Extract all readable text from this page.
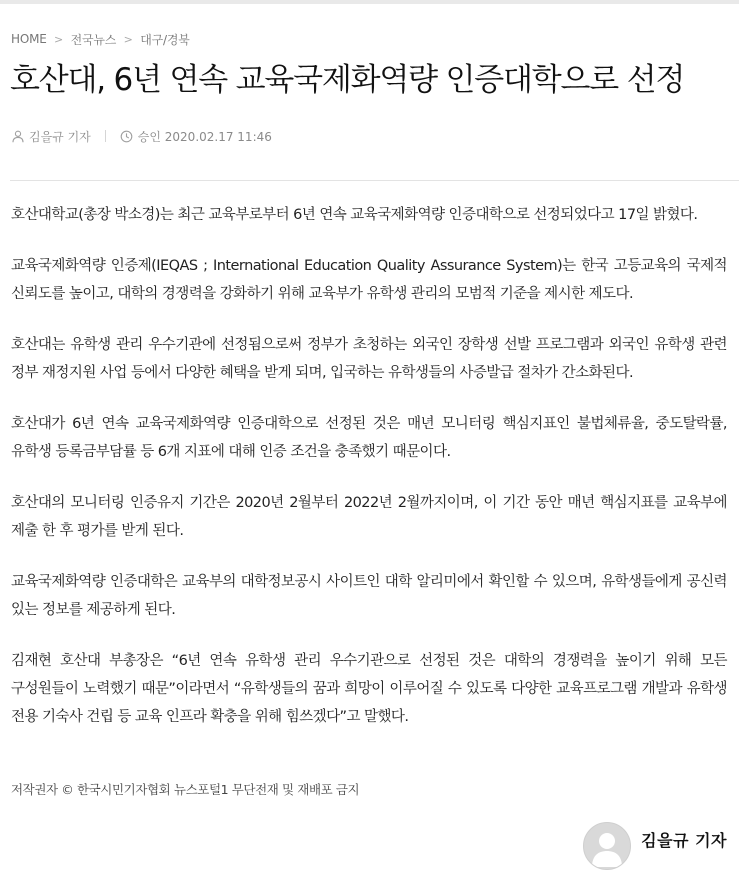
HOME > 전국뉴스 > 대구/경북
호산대, 6년 연속 교육국제화역량 인증대학으로 선정
김을규 기자	승인 2020.02.17 11:46

호산대학교(총장 박소경)는 최근 교육부로부터 6년 연속 교육국제화역량 인증대학으로 선정되었다고 17일 밝혔다.

교육국제화역량 인증제(IEQAS ; International Education Quality Assurance System)는 한국 고등교육의 국제적 신뢰도를 높이고, 대학의 경쟁력을 강화하기 위해 교육부가 유학생 관리의 모범적 기준을 제시한 제도다.

호산대는 유학생 관리 우수기관에 선정됨으로써 정부가 초청하는 외국인 장학생 선발 프로그램과 외국인 유학생 관련 정부 재정지원 사업 등에서 다양한 혜택을 받게 되며, 입국하는 유학생들의 사증발급 절차가 간소화된다.

호산대가 6년 연속 교육국제화역량 인증대학으로 선정된 것은 매년 모니터링 핵심지표인 불법체류율, 중도탈락률, 유학생 등록금부담률 등 6개 지표에 대해 인증 조건을 충족했기 때문이다.

호산대의 모니터링 인증유지 기간은 2020년 2월부터 2022년 2월까지이며, 이 기간 동안 매년 핵심지표를 교육부에 제출 한 후 평가를 받게 된다.

교육국제화역량 인증대학은 교육부의 대학정보공시 사이트인 대학 알리미에서 확인할 수 있으며, 유학생들에게 공신력 있는 정보를 제공하게 된다.

김재현 호산대 부총장은 “6년 연속 유학생 관리 우수기관으로 선정된 것은 대학의 경쟁력을 높이기 위해 모든 구성원들이 노력했기 때문”이라면서 “유학생들의 꿈과 희망이 이루어질 수 있도록 다양한 교육프로그램 개발과 유학생 전용 기숙사 건립 등 교육 인프라 확충을 위해 힘쓰겠다”고 말했다.

저작권자 © 한국시민기자협회 뉴스포털1 무단전재 및 재배포 금지
김을규 기자
